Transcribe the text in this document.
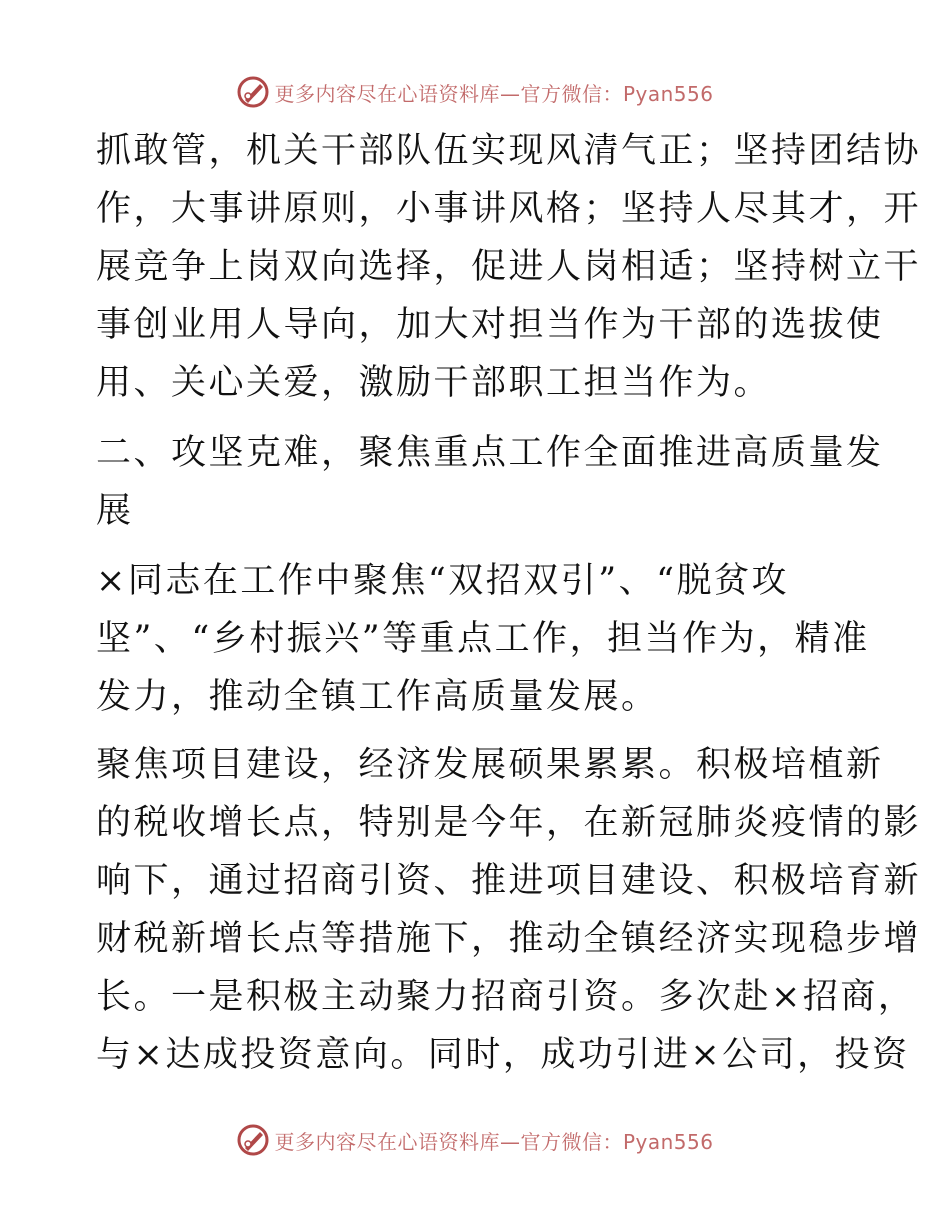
更多内容尽在心语资料库—官方微信：Pyan556
抓敢管，机关干部队伍实现风清气正；坚持团结协
作，大事讲原则，小事讲风格；坚持人尽其才，开
展竞争上岗双向选择，促进人岗相适；坚持树立干
事创业用人导向，加大对担当作为干部的选拔使
用、关心关爱，激励干部职工担当作为。
二、攻坚克难，聚焦重点工作全面推进高质量发
展
×同志在工作中聚焦“双招双引”、“脱贫攻
坚”、“乡村振兴”等重点工作，担当作为，精准
发力，推动全镇工作高质量发展。
聚焦项目建设，经济发展硕果累累。积极培植新
的税收增长点，特别是今年，在新冠肺炎疫情的影
响下，通过招商引资、推进项目建设、积极培育新
财税新增长点等措施下，推动全镇经济实现稳步增
长。一是积极主动聚力招商引资。多次赴×招商，
与×达成投资意向。同时，成功引进×公司，投资
更多内容尽在心语资料库—官方微信：Pyan556
